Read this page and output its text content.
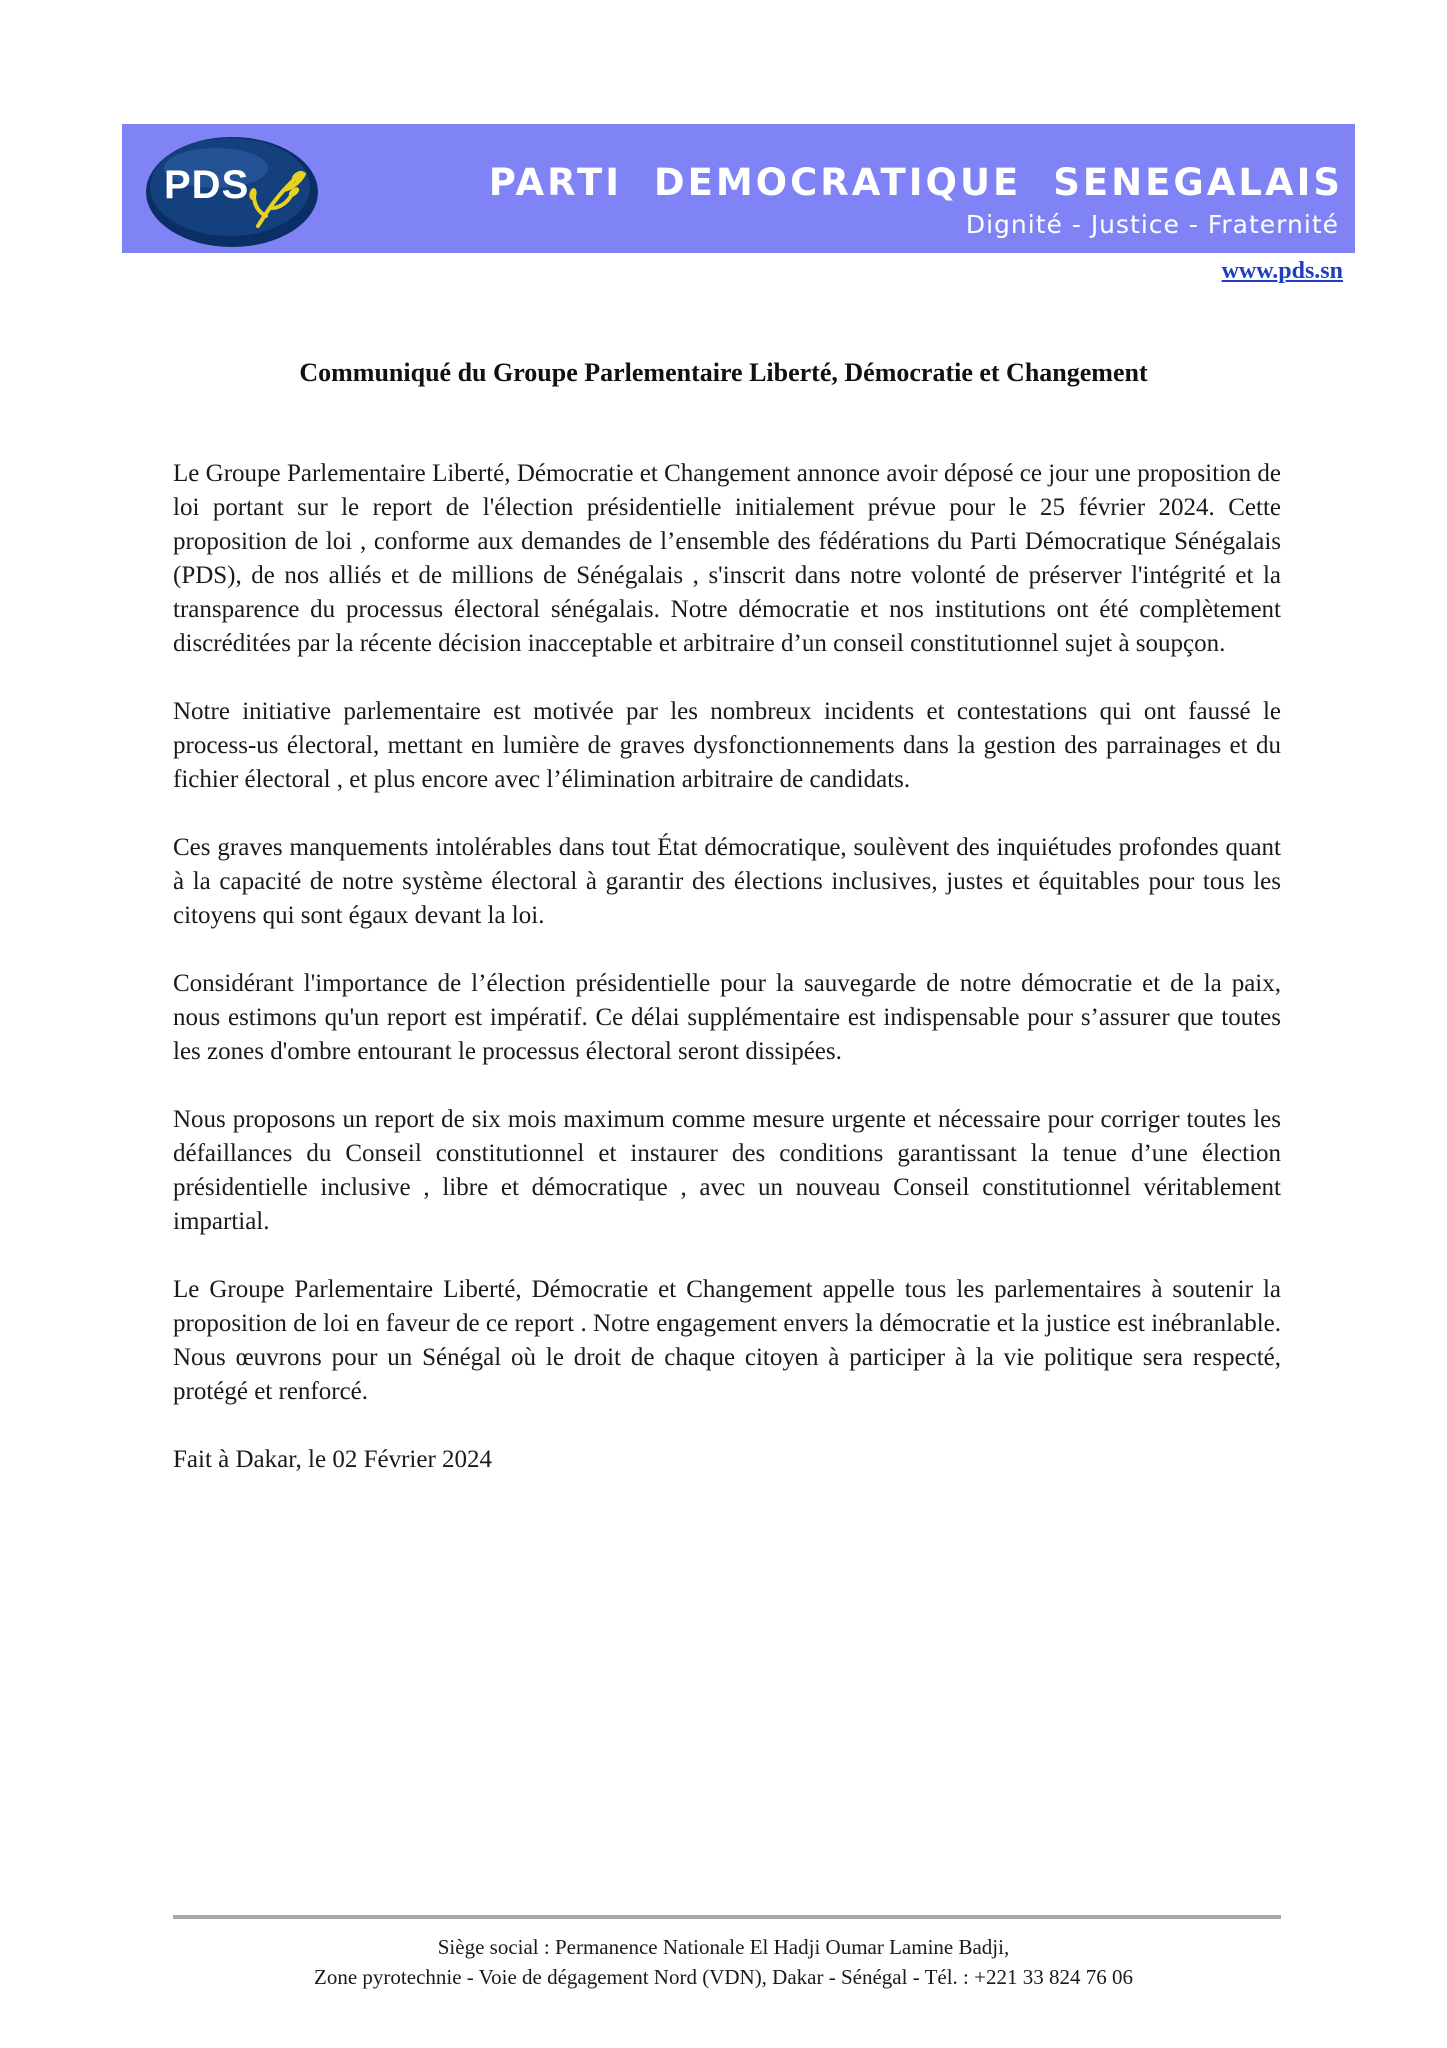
PDS	PARTI DEMOCRATIQUE SENEGALAIS
Dignité - Justice - Fraternité
www.pds.sn
Communiqué du Groupe Parlementaire Liberté, Démocratie et Changement

Le Groupe Parlementaire Liberté, Démocratie et Changement annonce avoir déposé ce jour une proposition de loi portant sur le report de l'élection présidentielle initialement prévue pour le 25 février 2024. Cette proposition de loi , conforme aux demandes de l’ensemble des fédérations du Parti Démocratique Sénégalais (PDS), de nos alliés et de millions de Sénégalais , s'inscrit dans notre volonté de préserver l'intégrité et la transparence du processus électoral sénégalais. Notre démocratie et nos institutions ont été complètement discréditées par la récente décision inacceptable et arbitraire d’un conseil constitutionnel sujet à soupçon.

Notre initiative parlementaire est motivée par les nombreux incidents et contestations qui ont faussé le process-us électoral, mettant en lumière de graves dysfonctionnements dans la gestion des parrainages et du fichier électoral , et plus encore avec l’élimination arbitraire de candidats.

Ces graves manquements intolérables dans tout État démocratique, soulèvent des inquiétudes profondes quant à la capacité de notre système électoral à garantir des élections inclusives, justes et équitables pour tous les citoyens qui sont égaux devant la loi.

Considérant l'importance de l’élection présidentielle pour la sauvegarde de notre démocratie et de la paix, nous estimons qu'un report est impératif. Ce délai supplémentaire est indispensable pour s’assurer que toutes les zones d'ombre entourant le processus électoral seront dissipées.

Nous proposons un report de six mois maximum comme mesure urgente et nécessaire pour corriger toutes les défaillances du Conseil constitutionnel et instaurer des conditions garantissant la tenue d’une élection présidentielle inclusive , libre et démocratique , avec un nouveau Conseil constitutionnel véritablement impartial.

Le Groupe Parlementaire Liberté, Démocratie et Changement appelle tous les parlementaires à soutenir la proposition de loi en faveur de ce report . Notre engagement envers la démocratie et la justice est inébranlable. Nous œuvrons pour un Sénégal où le droit de chaque citoyen à participer à la vie politique sera respecté, protégé et renforcé.

Fait à Dakar, le 02 Février 2024

Siège social : Permanence Nationale El Hadji Oumar Lamine Badji,
Zone pyrotechnie - Voie de dégagement Nord (VDN), Dakar - Sénégal - Tél. : +221 33 824 76 06
